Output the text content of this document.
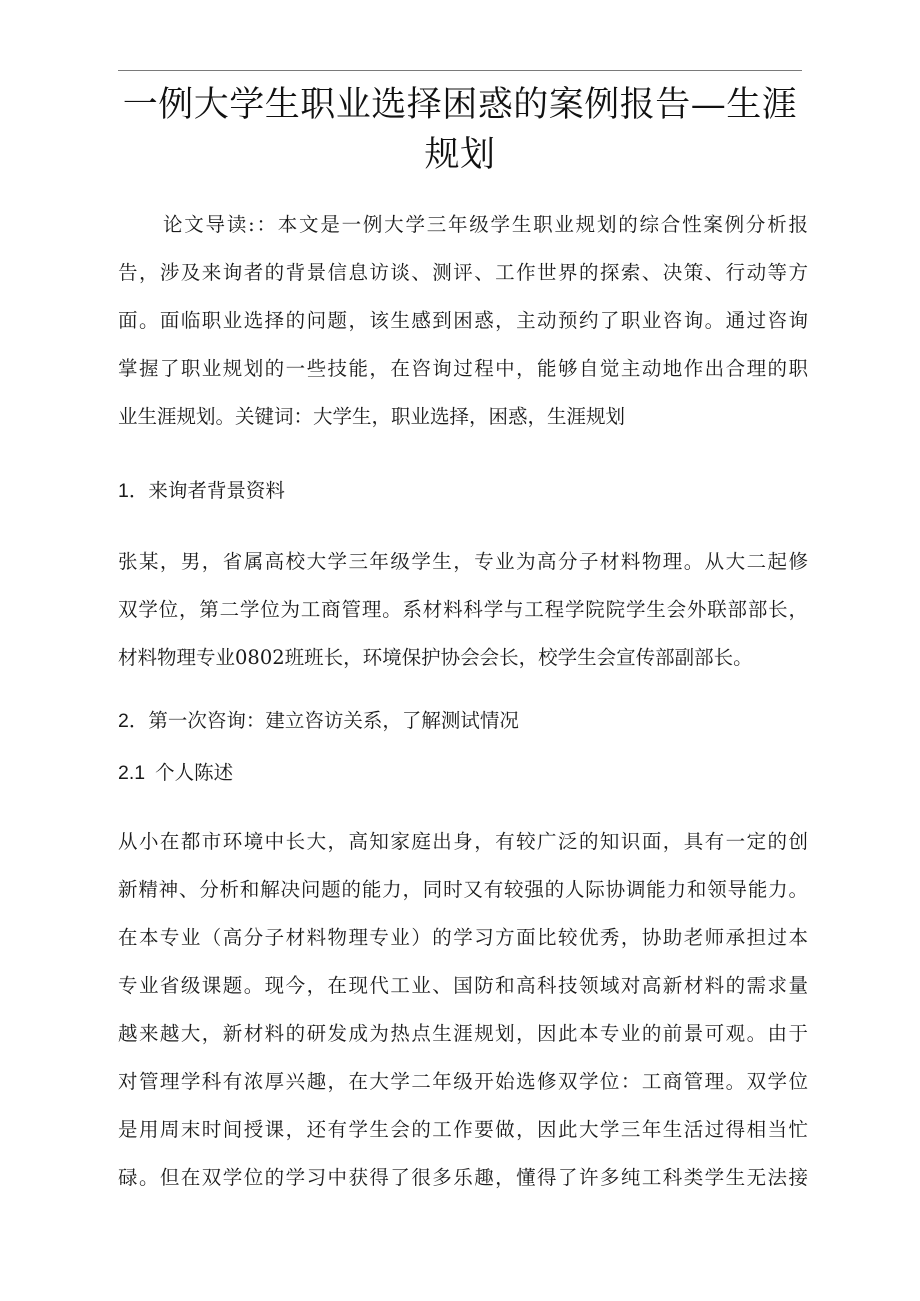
一例大学生职业选择困惑的案例报告—生涯
规划
论文导读:：本文是一例大学三年级学生职业规划的综合性案例分析报
告，涉及来询者的背景信息访谈、测评、工作世界的探索、决策、行动等方
面。面临职业选择的问题，该生感到困惑，主动预约了职业咨询。通过咨询
掌握了职业规划的一些技能，在咨询过程中，能够自觉主动地作出合理的职
业生涯规划。关键词：大学生，职业选择，困惑，生涯规划
1．来询者背景资料
张某，男，省属高校大学三年级学生，专业为高分子材料物理。从大二起修
双学位，第二学位为工商管理。系材料科学与工程学院院学生会外联部部长，
材料物理专业0802班班长，环境保护协会会长，校学生会宣传部副部长。
2．第一次咨询：建立咨访关系，了解测试情况
2.1 个人陈述
从小在都市环境中长大，高知家庭出身，有较广泛的知识面，具有一定的创
新精神、分析和解决问题的能力，同时又有较强的人际协调能力和领导能力。
在本专业（高分子材料物理专业）的学习方面比较优秀，协助老师承担过本
专业省级课题。现今，在现代工业、国防和高科技领域对高新材料的需求量
越来越大，新材料的研发成为热点生涯规划，因此本专业的前景可观。由于
对管理学科有浓厚兴趣，在大学二年级开始选修双学位：工商管理。双学位
是用周末时间授课，还有学生会的工作要做，因此大学三年生活过得相当忙
碌。但在双学位的学习中获得了很多乐趣，懂得了许多纯工科类学生无法接
